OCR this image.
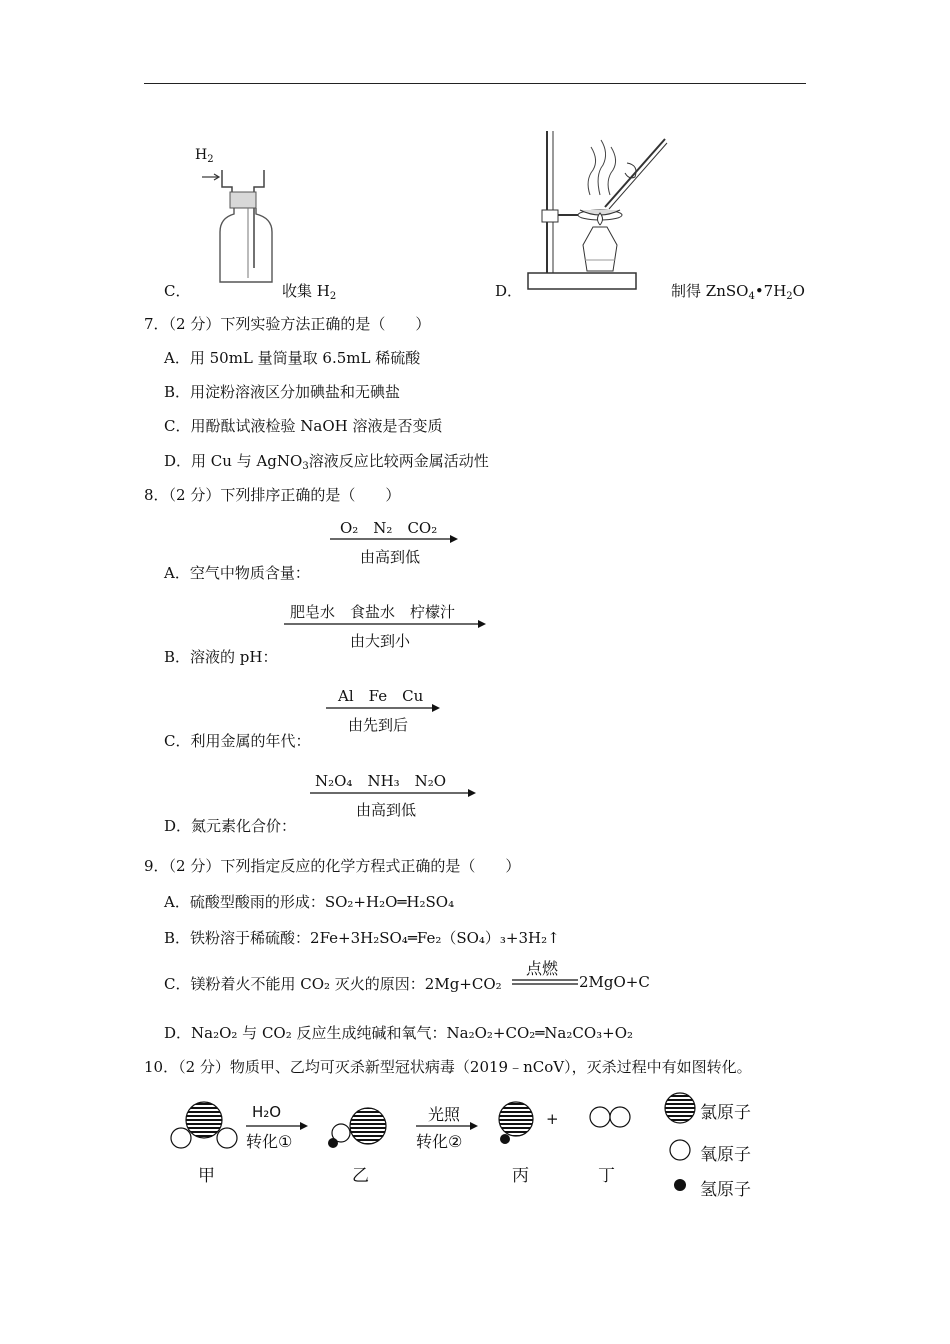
$H_2$
C．	收集 $H_2$	D．	制得 $ZnSO_4•7H_2O$
7．（2 分）下列实验方法正确的是（　　）
A．用 50mL 量筒量取 6.5mL 稀硫酸
B．用淀粉溶液区分加碘盐和无碘盐
C．用酚酞试液检验 NaOH 溶液是否变质
D．用 Cu 与 AgNO$_3$溶液反应比较两金属活动性
8．（2 分）下列排序正确的是（　　）
O₂　N₂　CO₂
由高到低
A．空气中物质含量：
肥皂水　食盐水　柠檬汁
由大到小
B．溶液的 pH：
Al　Fe　Cu
由先到后
C．利用金属的年代：
N₂O₄　NH₃　N₂O
由高到低
D．氮元素化合价：
9．（2 分）下列指定反应的化学方程式正确的是（　　）
A．硫酸型酸雨的形成：SO₂+H₂O═H₂SO₄
B．铁粉溶于稀硫酸：2Fe+3H₂SO₄═Fe₂（SO₄）₃+3H₂↑
C．镁粉着火不能用 CO₂ 灭火的原因：2Mg+CO₂
点燃
2MgO+C
D．Na₂O₂ 与 CO₂ 反应生成纯碱和氧气：Na₂O₂+CO₂═Na₂CO₃+O₂
10．（2 分）物质甲、乙均可灭杀新型冠状病毒（2019﹣nCoV），灭杀过程中有如图转化。
H₂O
转化①
光照
转化②
+
甲	乙	丙	丁
氯原子
氧原子
氢原子
